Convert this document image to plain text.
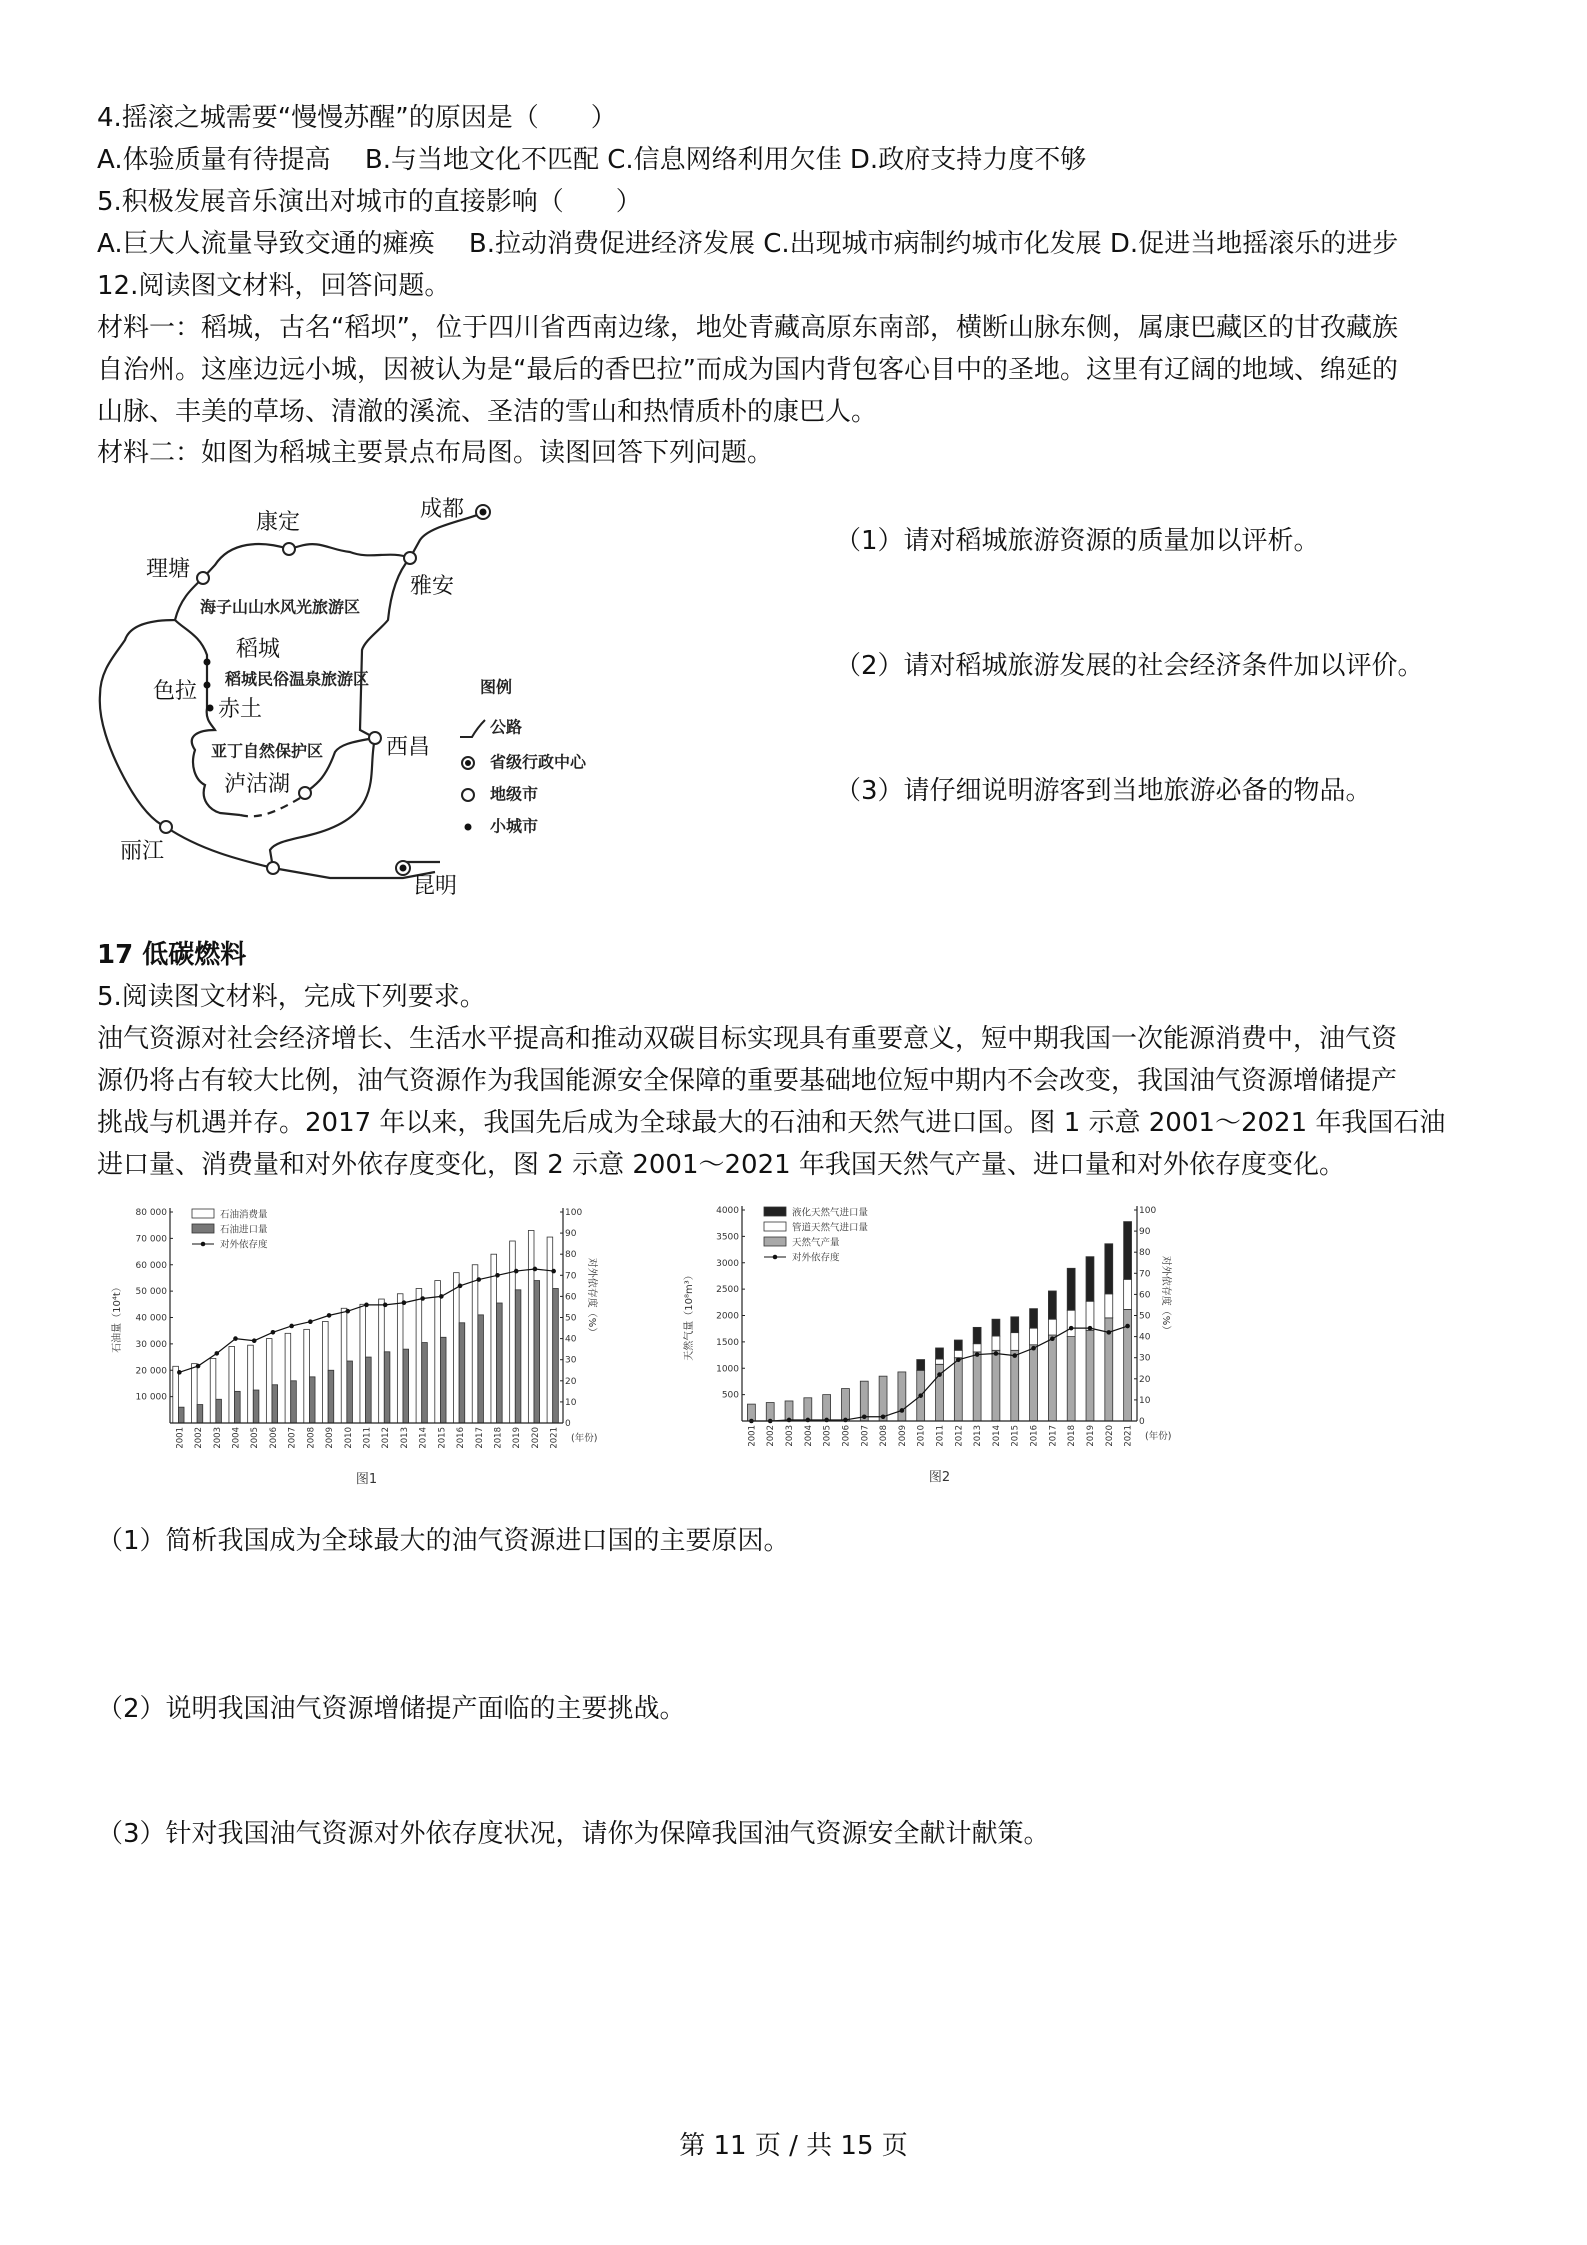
4.摇滚之城需要“慢慢苏醒”的原因是（　　）
A.体验质量有待提高　 B.与当地文化不匹配 C.信息网络利用欠佳 D.政府支持力度不够
5.积极发展音乐演出对城市的直接影响（　　）
A.巨大人流量导致交通的瘫痪　 B.拉动消费促进经济发展 C.出现城市病制约城市化发展 D.促进当地摇滚乐的进步
12.阅读图文材料，回答问题。
材料一：稻城，古名“稻坝”，位于四川省西南边缘，地处青藏高原东南部，横断山脉东侧，属康巴藏区的甘孜藏族
自治州。这座边远小城，因被认为是“最后的香巴拉”而成为国内背包客心目中的圣地。这里有辽阔的地域、绵延的
山脉、丰美的草场、清澈的溪流、圣洁的雪山和热情质朴的康巴人。
材料二：如图为稻城主要景点布局图。读图回答下列问题。
成都
雅安
康定
理塘
稻城
色拉
赤土
西昌
泸沽湖
丽江
昆明
海子山山水风光旅游区
稻城民俗温泉旅游区
亚丁自然保护区
图例
公路
省级行政中心
地级市
小城市
（1）请对稻城旅游资源的质量加以评析。
（2）请对稻城旅游发展的社会经济条件加以评价。
（3）请仔细说明游客到当地旅游必备的物品。
17 低碳燃料
5.阅读图文材料，完成下列要求。
油气资源对社会经济增长、生活水平提高和推动双碳目标实现具有重要意义，短中期我国一次能源消费中，油气资
源仍将占有较大比例，油气资源作为我国能源安全保障的重要基础地位短中期内不会改变，我国油气资源增储提产
挑战与机遇并存。2017 年以来，我国先后成为全球最大的石油和天然气进口国。图 1 示意 2001～2021 年我国石油
进口量、消费量和对外依存度变化，图 2 示意 2001～2021 年我国天然气产量、进口量和对外依存度变化。
10 000
20 000
30 000
40 000
50 000
60 000
70 000
80 000
0
10
20
30
40
50
60
70
80
90
100
2001 2002 2003 2004 2005 2006 2007 2008 2009 2010 2011 2012 2013 2014 2015 2016 2017 2018 2019 2020 2021 (年份)
石油量（10⁴t）	对外依存度（%）
图1
石油消费量
石油进口量
对外依存度
500
1000
1500
2000
2500
3000
3500
4000
0
10
20
30
40
50
60
70
80
90
100
2001 2002 2003 2004 2005 2006 2007 2008 2009 2010 2011 2012 2013 2014 2015 2016 2017 2018 2019 2020 2021 (年份)
天然气量（10⁸m³）	对外依存度（%）
图2
液化天然气进口量
管道天然气进口量
天然气产量
对外依存度
（1）简析我国成为全球最大的油气资源进口国的主要原因。
（2）说明我国油气资源增储提产面临的主要挑战。
（3）针对我国油气资源对外依存度状况，请你为保障我国油气资源安全献计献策。
第 11 页 / 共 15 页
